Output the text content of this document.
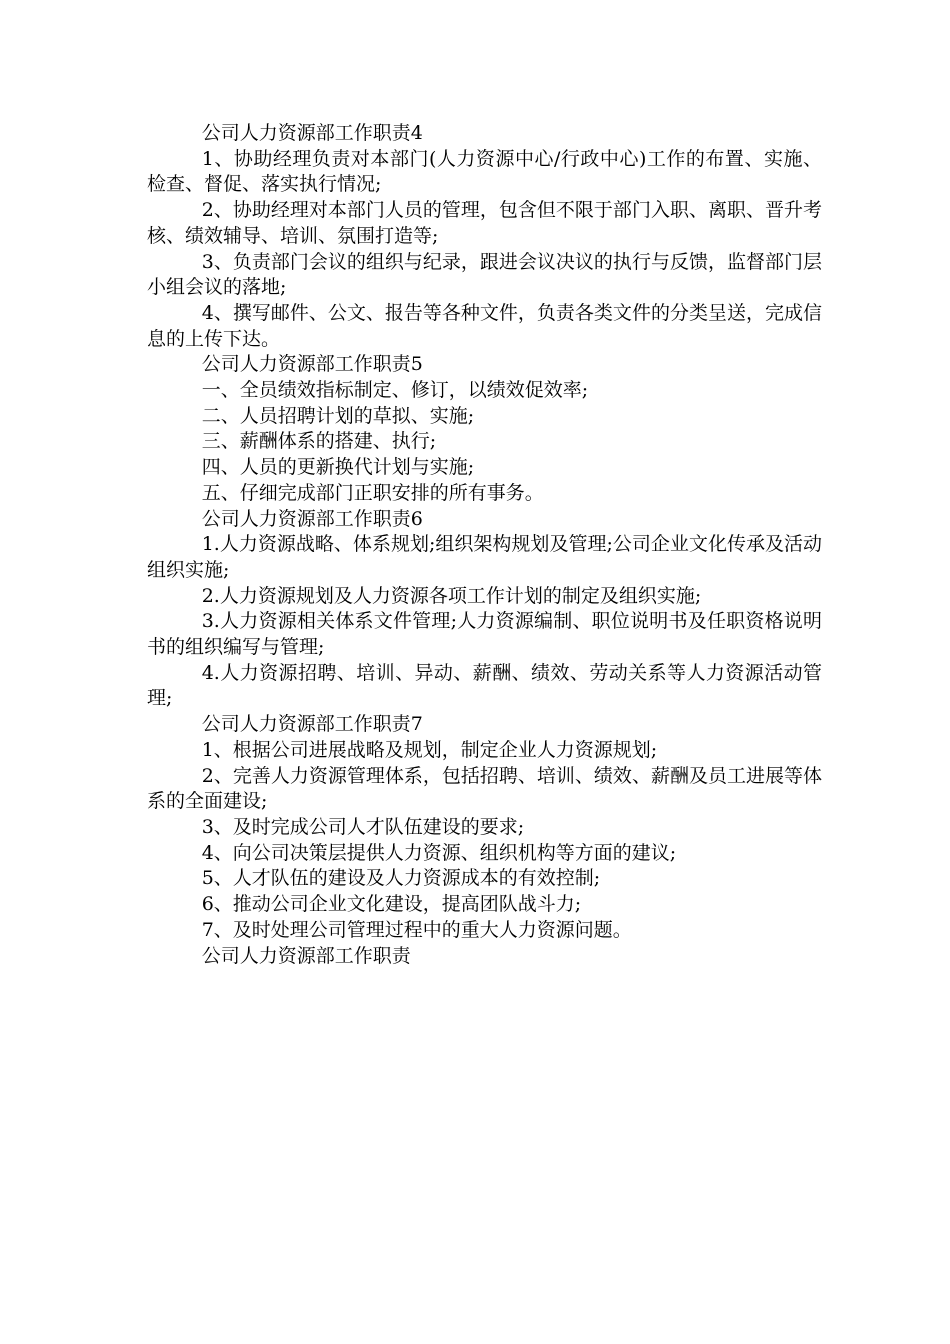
公司人力资源部工作职责4

1、协助经理负责对本部门(人力资源中心/行政中心)工作的布置、实施、检查、督促、落实执行情况;

2、协助经理对本部门人员的管理，包含但不限于部门入职、离职、晋升考核、绩效辅导、培训、氛围打造等;

3、负责部门会议的组织与纪录，跟进会议决议的执行与反馈，监督部门层小组会议的落地;

4、撰写邮件、公文、报告等各种文件，负责各类文件的分类呈送，完成信息的上传下达。

公司人力资源部工作职责5

一、全员绩效指标制定、修订，以绩效促效率;

二、人员招聘计划的草拟、实施;

三、薪酬体系的搭建、执行;

四、人员的更新换代计划与实施;

五、仔细完成部门正职安排的所有事务。

公司人力资源部工作职责6

1.人力资源战略、体系规划;组织架构规划及管理;公司企业文化传承及活动组织实施;

2.人力资源规划及人力资源各项工作计划的制定及组织实施;

3.人力资源相关体系文件管理;人力资源编制、职位说明书及任职资格说明书的组织编写与管理;

4.人力资源招聘、培训、异动、薪酬、绩效、劳动关系等人力资源活动管理;

公司人力资源部工作职责7

1、根据公司进展战略及规划，制定企业人力资源规划;

2、完善人力资源管理体系，包括招聘、培训、绩效、薪酬及员工进展等体系的全面建设;

3、及时完成公司人才队伍建设的要求;

4、向公司决策层提供人力资源、组织机构等方面的建议;

5、人才队伍的建设及人力资源成本的有效控制;

6、推动公司企业文化建设，提高团队战斗力;

7、及时处理公司管理过程中的重大人力资源问题。

公司人力资源部工作职责
